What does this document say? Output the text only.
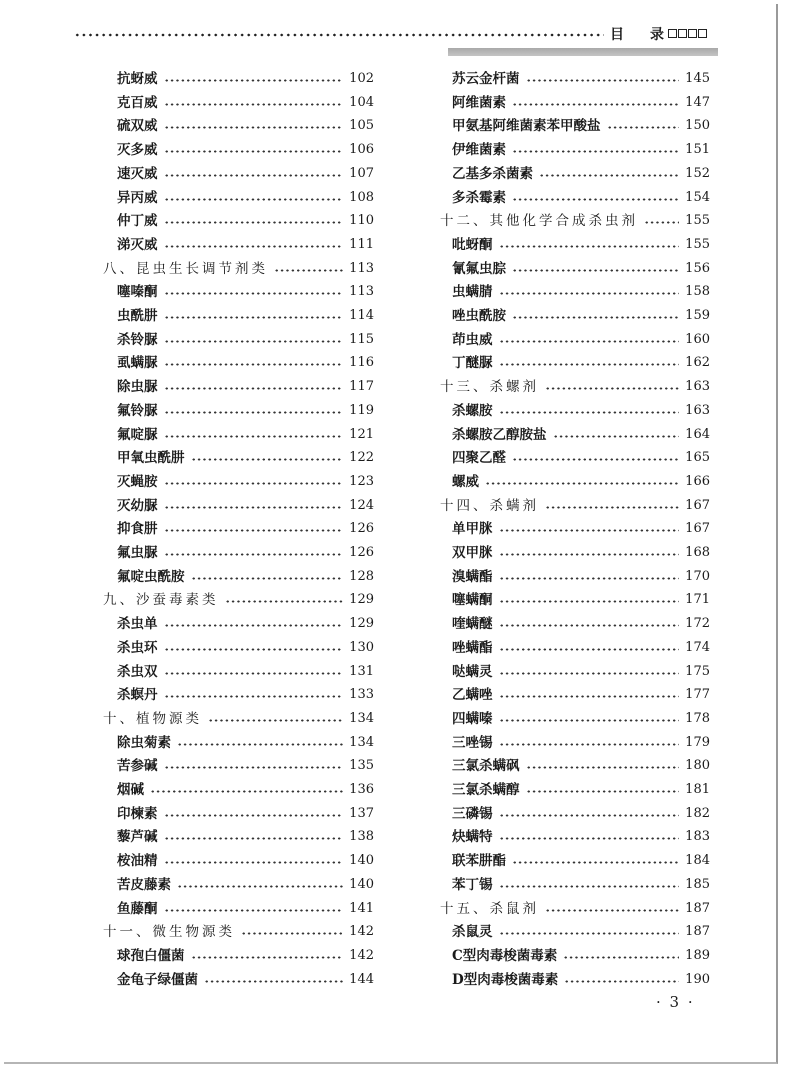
目 录
抗蚜威	102
克百威	104
硫双威	105
灭多威	106
速灭威	107
异丙威	108
仲丁威	110
涕灭威	111
八、昆虫生长调节剂类	113
噻嗪酮	113
虫酰肼	114
杀铃脲	115
虱螨脲	116
除虫脲	117
氟铃脲	119
氟啶脲	121
甲氧虫酰肼	122
灭蝇胺	123
灭幼脲	124
抑食肼	126
氟虫脲	126
氟啶虫酰胺	128
九、沙蚕毒素类	129
杀虫单	129
杀虫环	130
杀虫双	131
杀螟丹	133
十、植物源类	134
除虫菊素	134
苦参碱	135
烟碱	136
印楝素	137
藜芦碱	138
桉油精	140
苦皮藤素	140
鱼藤酮	141
十一、微生物源类	142
球孢白僵菌	142
金龟子绿僵菌	144
苏云金杆菌	145
阿维菌素	147
甲氨基阿维菌素苯甲酸盐	150
伊维菌素	151
乙基多杀菌素	152
多杀霉素	154
十二、其他化学合成杀虫剂	155
吡蚜酮	155
氰氟虫腙	156
虫螨腈	158
唑虫酰胺	159
茚虫威	160
丁醚脲	162
十三、杀螺剂	163
杀螺胺	163
杀螺胺乙醇胺盐	164
四聚乙醛	165
螺威	166
十四、杀螨剂	167
单甲脒	167
双甲脒	168
溴螨酯	170
噻螨酮	171
喹螨醚	172
唑螨酯	174
哒螨灵	175
乙螨唑	177
四螨嗪	178
三唑锡	179
三氯杀螨砜	180
三氯杀螨醇	181
三磷锡	182
炔螨特	183
联苯肼酯	184
苯丁锡	185
十五、杀鼠剂	187
杀鼠灵	187
C型肉毒梭菌毒素	189
D型肉毒梭菌毒素	190
· 3 ·
